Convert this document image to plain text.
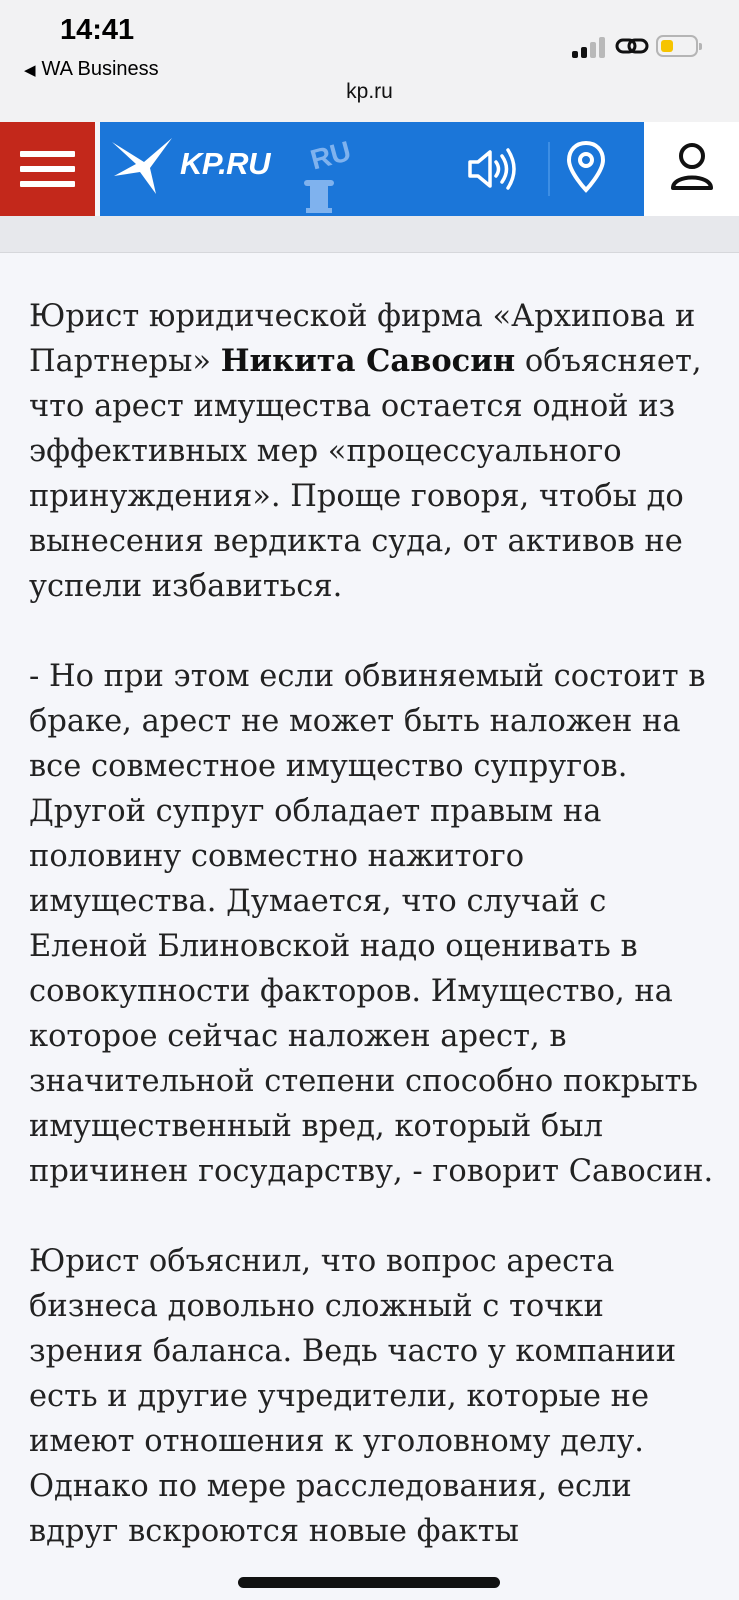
14:41
◀ WA Business
kp.ru
KP.RU RU

Юрист юридической фирма «Архипова и Партнеры» Никита Савосин объясняет, что арест имущества остается одной из эффективных мер «процессуального принуждения». Проще говоря, чтобы до вынесения вердикта суда, от активов не успели избавиться.

- Но при этом если обвиняемый состоит в браке, арест не может быть наложен на все совместное имущество супругов. Другой супруг обладает правым на половину совместно нажитого имущества. Думается, что случай с Еленой Блиновской надо оценивать в совокупности факторов. Имущество, на которое сейчас наложен арест, в значительной степени способно покрыть имущественный вред, который был причинен государству, - говорит Савосин.

Юрист объяснил, что вопрос ареста бизнеса довольно сложный с точки зрения баланса. Ведь часто у компании есть и другие учредители, которые не имеют отношения к уголовному делу. Однако по мере расследования, если вдруг вскроются новые факты
